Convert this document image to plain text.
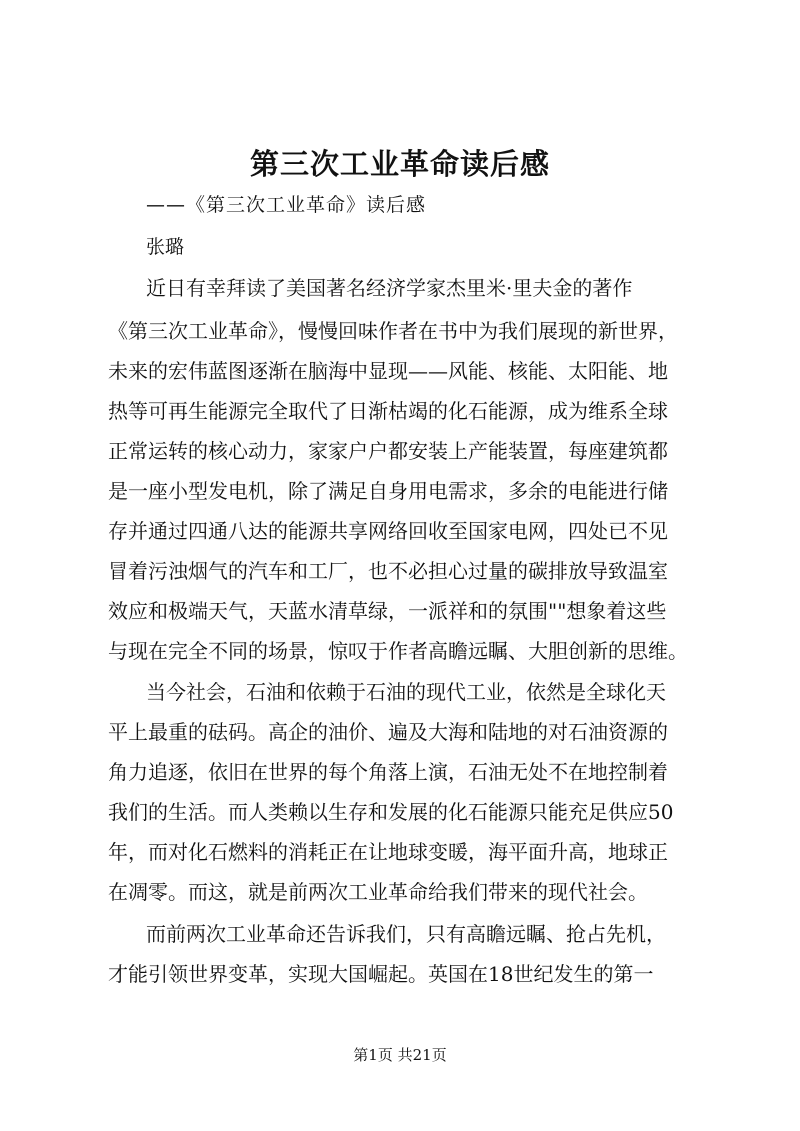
第三次工业革命读后感
——《第三次工业革命》读后感
张璐
近日有幸拜读了美国著名经济学家杰里米·里夫金的著作
《第三次工业革命》，慢慢回味作者在书中为我们展现的新世界，
未来的宏伟蓝图逐渐在脑海中显现——风能、核能、太阳能、地
热等可再生能源完全取代了日渐枯竭的化石能源，成为维系全球
正常运转的核心动力，家家户户都安装上产能装置，每座建筑都
是一座小型发电机，除了满足自身用电需求，多余的电能进行储
存并通过四通八达的能源共享网络回收至国家电网，四处已不见
冒着污浊烟气的汽车和工厂，也不必担心过量的碳排放导致温室
效应和极端天气，天蓝水清草绿，一派祥和的氛围""想象着这些
与现在完全不同的场景，惊叹于作者高瞻远瞩、大胆创新的思维。
当今社会，石油和依赖于石油的现代工业，依然是全球化天
平上最重的砝码。高企的油价、遍及大海和陆地的对石油资源的
角力追逐，依旧在世界的每个角落上演，石油无处不在地控制着
我们的生活。而人类赖以生存和发展的化石能源只能充足供应50
年，而对化石燃料的消耗正在让地球变暖，海平面升高，地球正
在凋零。而这，就是前两次工业革命给我们带来的现代社会。
而前两次工业革命还告诉我们，只有高瞻远瞩、抢占先机，
才能引领世界变革，实现大国崛起。英国在18世纪发生的第一
第1页 共21页
